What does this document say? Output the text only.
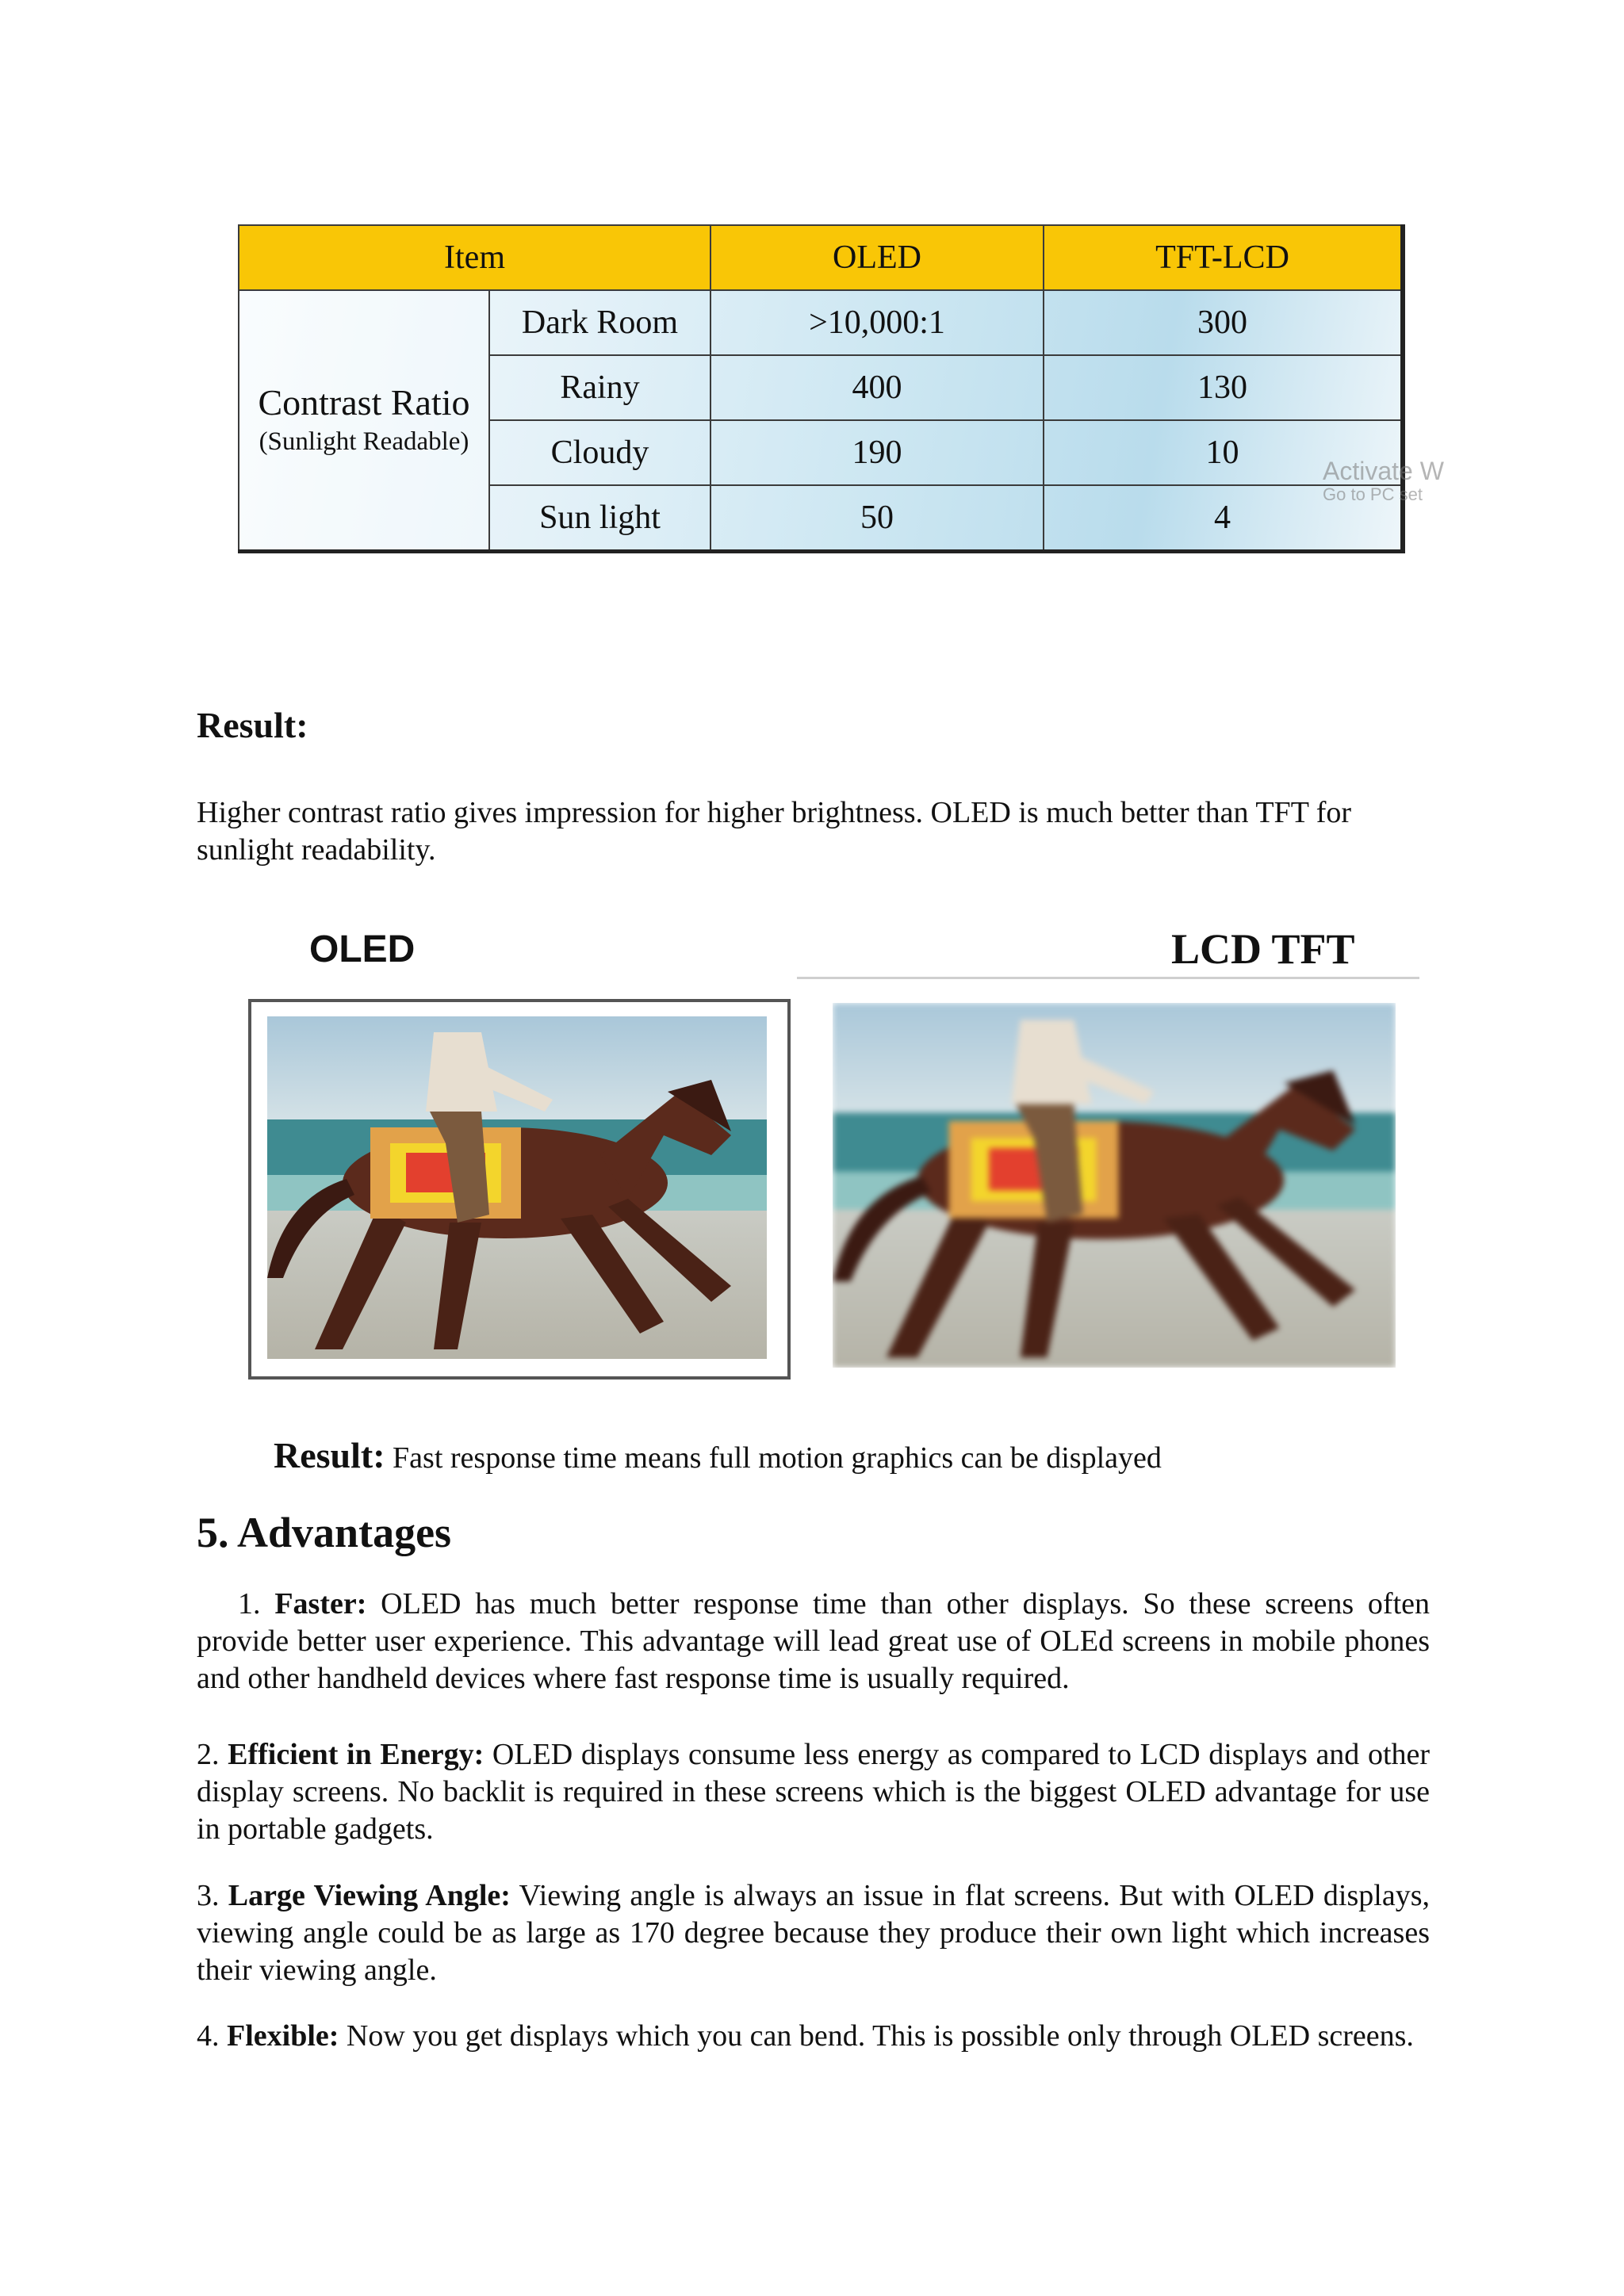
Item		OLED	TFT-LCD

Contrast Ratio
(Sunlight Readable)	Dark Room	>10,000:1	300
	Rainy	400	130
	Cloudy	190	10
	Sun light	50	4
Activate W
Go to PC set
Result:
Higher contrast ratio gives impression for higher brightness. OLED is much better than TFT for sunlight readability.
OLED	LCD TFT
Result: Fast response time means full motion graphics can be displayed
5. Advantages
1. Faster: OLED has much better response time than other displays. So these screens often provide better user experience. This advantage will lead great use of OLEd screens in mobile phones and other handheld devices where fast response time is usually required.
2. Efficient in Energy: OLED displays consume less energy as compared to LCD displays and other display screens. No backlit is required in these screens which is the biggest OLED advantage for use in portable gadgets.
3. Large Viewing Angle: Viewing angle is always an issue in flat screens. But with OLED displays, viewing angle could be as large as 170 degree because they produce their own light which increases their viewing angle.
4. Flexible: Now you get displays which you can bend. This is possible only through OLED screens.
